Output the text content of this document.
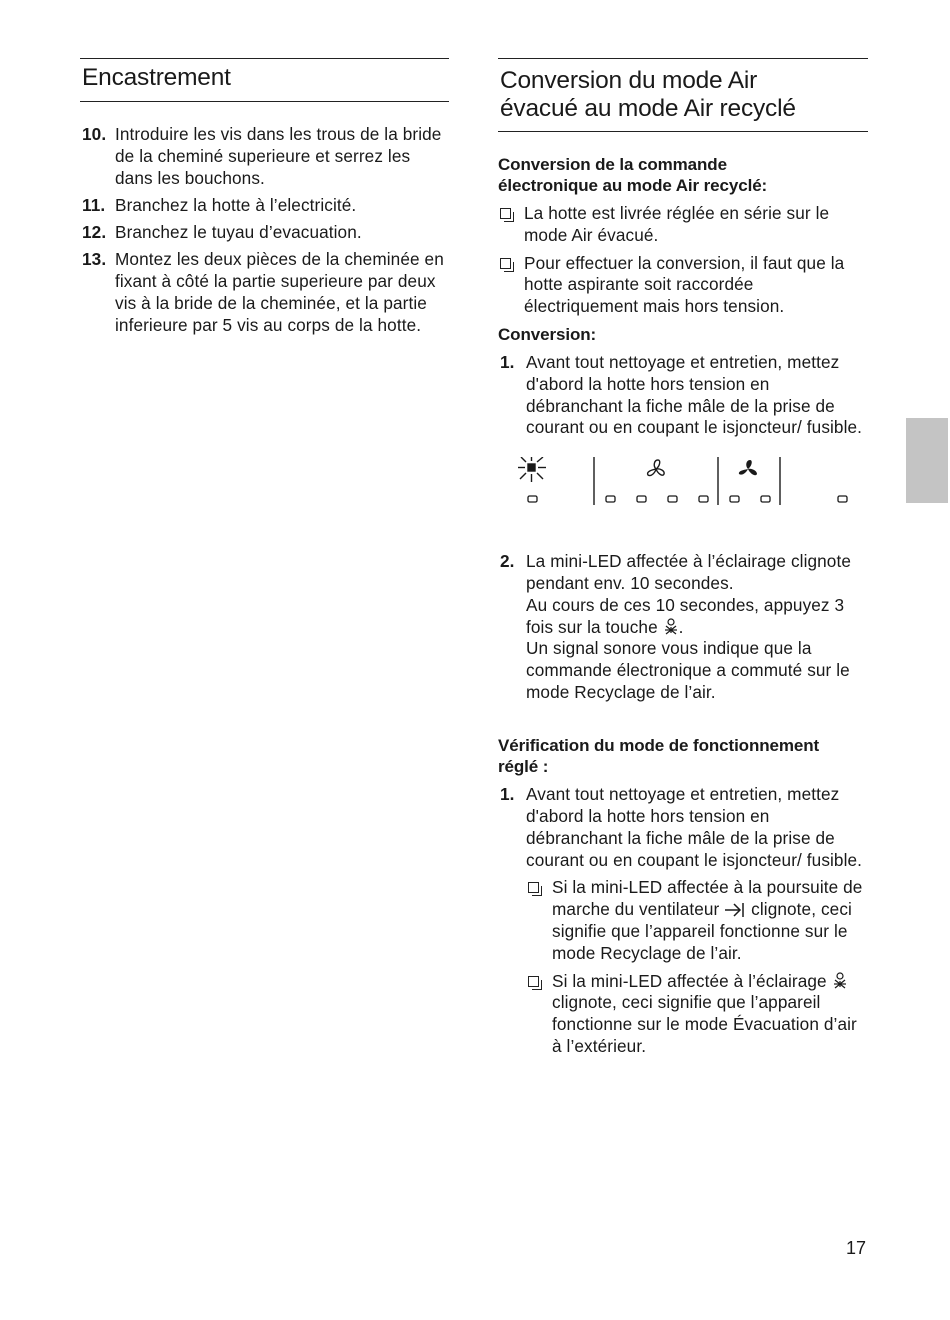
Encastrement
10. Introduire les vis dans les trous de la bride de la cheminé superieure et serrez les dans les bouchons.
11. Branchez la hotte à l’electricité.
12. Branchez le tuyau d’evacuation.
13. Montez les deux pièces de la cheminée en fixant à côté la partie superieure par deux vis à la bride de la cheminée, et la partie inferieure par 5 vis au corps de la hotte.
Conversion du mode Air
évacué au mode Air recyclé

Conversion de la commande
électronique au mode Air recyclé:

La hotte est livrée réglée en série sur le mode Air évacué.
Pour effectuer la conversion, il faut que la hotte aspirante soit raccordée électriquement mais hors tension.

Conversion:

1. Avant tout nettoyage et entretien, mettez d'abord la hotte hors tension en débranchant la fiche mâle de la prise de courant ou en coupant le isjoncteur/ fusible.
2. La mini-LED affectée à l’éclairage clignote pendant env. 10 secondes.
Au cours de ces 10 secondes, appuyez 3 fois sur la touche .
Un signal sonore vous indique que la commande électronique a commuté sur le mode Recyclage de l’air.

Vérification du mode de fonctionnement
réglé :

1. Avant tout nettoyage et entretien, mettez d'abord la hotte hors tension en débranchant la fiche mâle de la prise de courant ou en coupant le isjoncteur/ fusible.
Si la mini-LED affectée à la poursuite de marche du ventilateur clignote, ceci signifie que l’appareil fonctionne sur le mode Recyclage de l’air.
Si la mini-LED affectée à l’éclairage  clignote, ceci signifie que l’appareil fonctionne sur le mode Évacuation d’air à l’extérieur.
17
